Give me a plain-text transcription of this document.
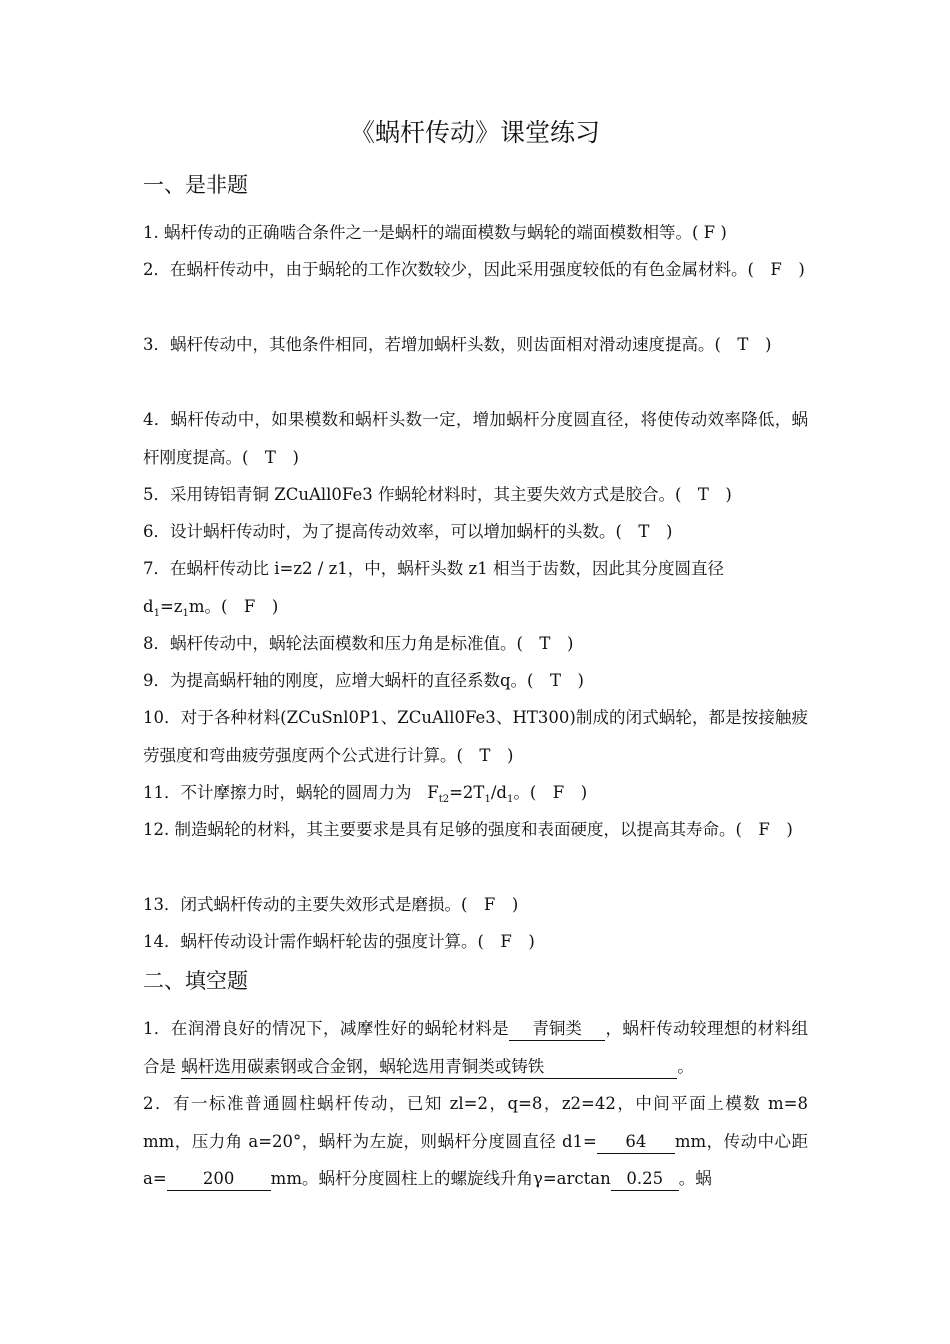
《蜗杆传动》课堂练习
一、是非题
1. 蜗杆传动的正确啮合条件之一是蜗杆的端面模数与蜗轮的端面模数相等。( F )
2．在蜗杆传动中，由于蜗轮的工作次数较少，因此采用强度较低的有色金属材料。(　F　)
3．蜗杆传动中，其他条件相同，若增加蜗杆头数，则齿面相对滑动速度提高。(　T　)
4．蜗杆传动中，如果模数和蜗杆头数一定，增加蜗杆分度圆直径，将使传动效率降低，蜗杆刚度提高。(　T　)
5．采用铸铝青铜 ZCuAll0Fe3 作蜗轮材料时，其主要失效方式是胶合。(　T　)
6．设计蜗杆传动时，为了提高传动效率，可以增加蜗杆的头数。(　T　)
7．在蜗杆传动比 i=z2 / z1，中，蜗杆头数 z1 相当于齿数，因此其分度圆直径
$d_1=z_1m$。(　F　)
8．蜗杆传动中，蜗轮法面模数和压力角是标准值。(　T　)
9．为提高蜗杆轴的刚度，应增大蜗杆的直径系数q。(　T　)
10．对于各种材料(ZCuSnl0P1、ZCuAll0Fe3、HT300)制成的闭式蜗轮，都是按接触疲劳强度和弯曲疲劳强度两个公式进行计算。(　T　)
11．不计摩擦力时，蜗轮的圆周力为 $F_{t2}=2T_1/d_1$。(　F　)
12. 制造蜗轮的材料，其主要要求是具有足够的强度和表面硬度，以提高其寿命。(　F　)
13．闭式蜗杆传动的主要失效形式是磨损。(　F　)
14．蜗杆传动设计需作蜗杆轮齿的强度计算。(　F　)
二、填空题
1．在润滑良好的情况下，减摩性好的蜗轮材料是 青铜类 ，蜗杆传动较理想的材料组合是 蜗杆选用碳素钢或合金钢，蜗轮选用青铜类或铸铁	。
2．有一标准普通圆柱蜗杆传动，已知 zl=2，q=8，z2=42，中间平面上模数 m=8 mm，压力角 a=20°，蜗杆为左旋，则蜗杆分度圆直径 d1= 64 mm，传动中心距 a= 200 mm。蜗杆分度圆柱上的螺旋线升角γ=arctan 0.25 。蜗
